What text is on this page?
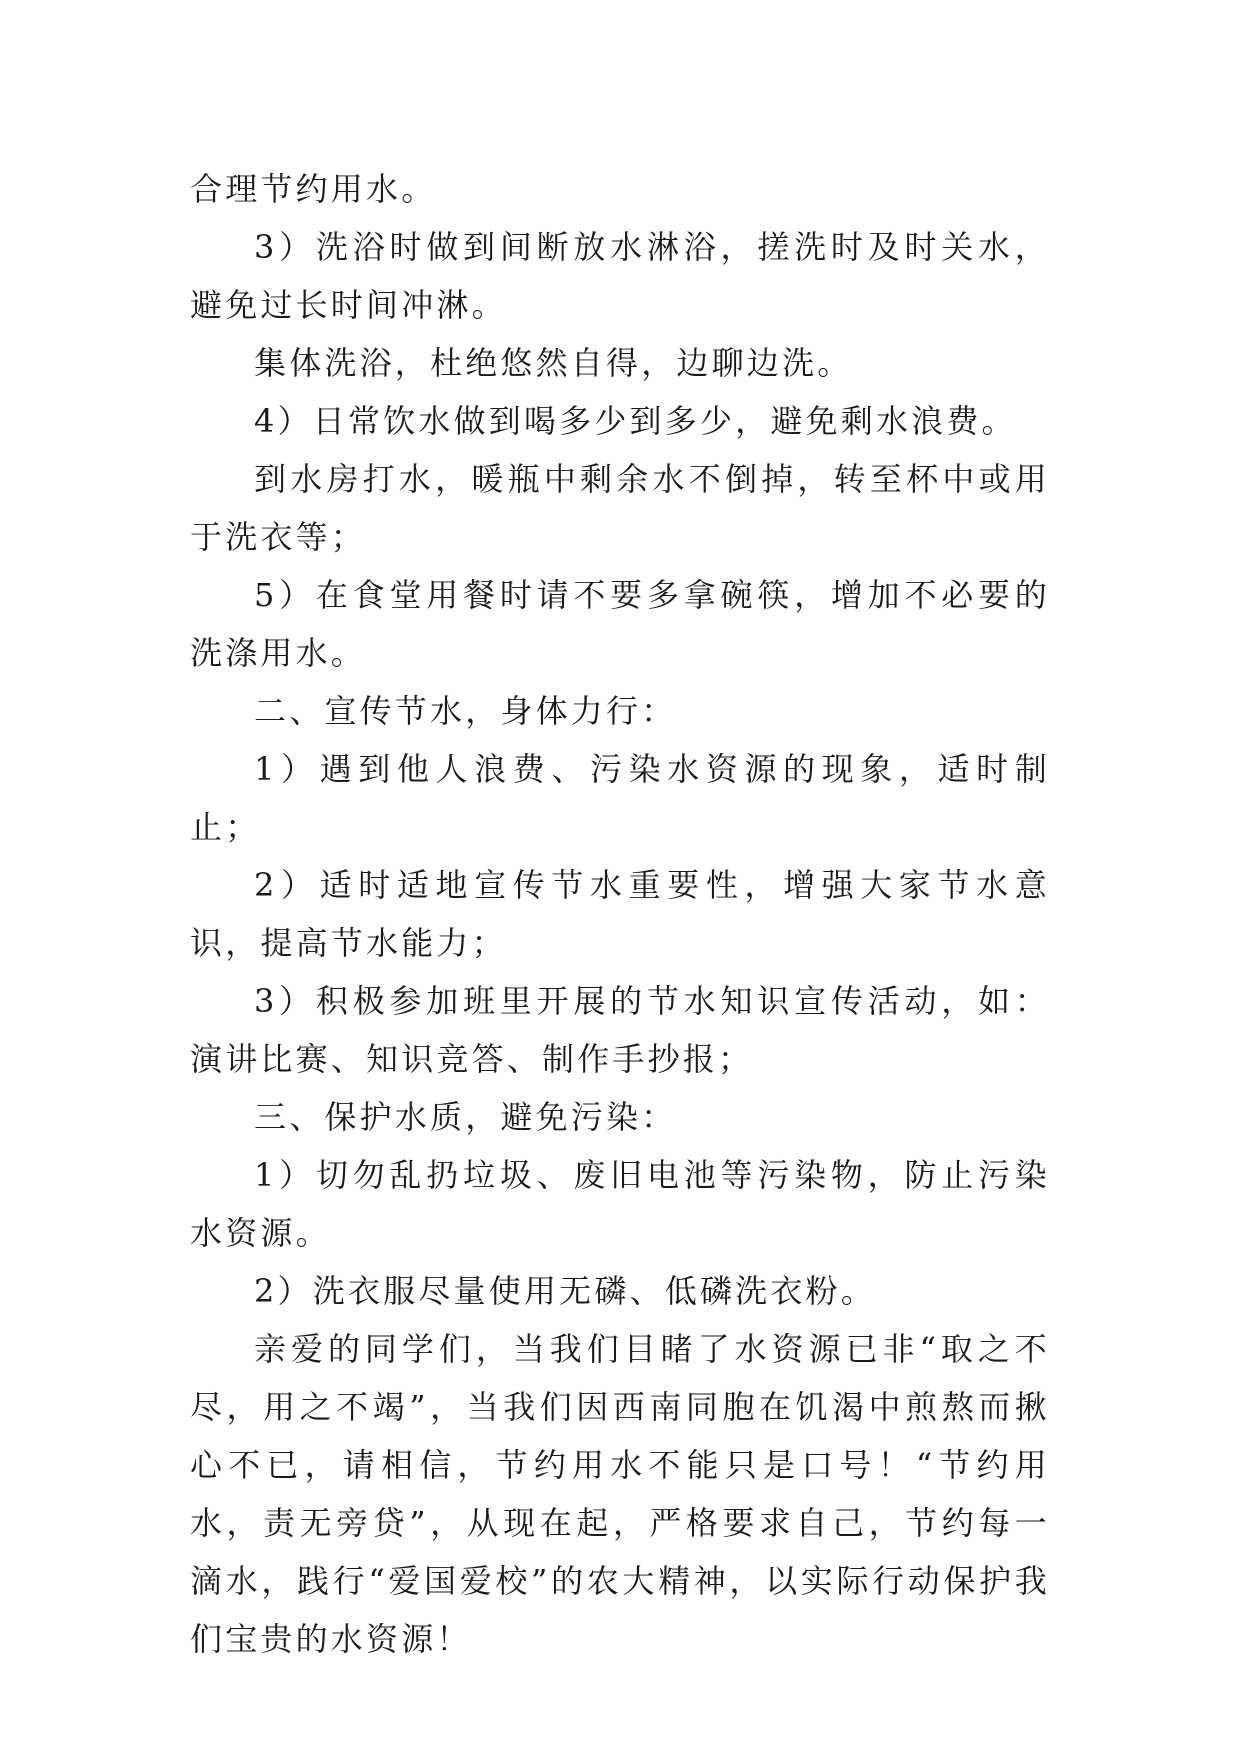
合理节约用水。

3）洗浴时做到间断放水淋浴，搓洗时及时关水，避免过长时间冲淋。

集体洗浴，杜绝悠然自得，边聊边洗。

4）日常饮水做到喝多少到多少，避免剩水浪费。

到水房打水，暖瓶中剩余水不倒掉，转至杯中或用于洗衣等；

5）在食堂用餐时请不要多拿碗筷，增加不必要的洗涤用水。

二、宣传节水，身体力行：

1）遇到他人浪费、污染水资源的现象，适时制止；

2）适时适地宣传节水重要性，增强大家节水意识，提高节水能力；

3）积极参加班里开展的节水知识宣传活动，如：演讲比赛、知识竞答、制作手抄报；

三、保护水质，避免污染：

1）切勿乱扔垃圾、废旧电池等污染物，防止污染水资源。

2）洗衣服尽量使用无磷、低磷洗衣粉。

亲爱的同学们，当我们目睹了水资源已非“取之不尽，用之不竭”，当我们因西南同胞在饥渴中煎熬而揪心不已，请相信，节约用水不能只是口号！“节约用水，责无旁贷”，从现在起，严格要求自己，节约每一滴水，践行“爱国爱校”的农大精神，以实际行动保护我们宝贵的水资源！
